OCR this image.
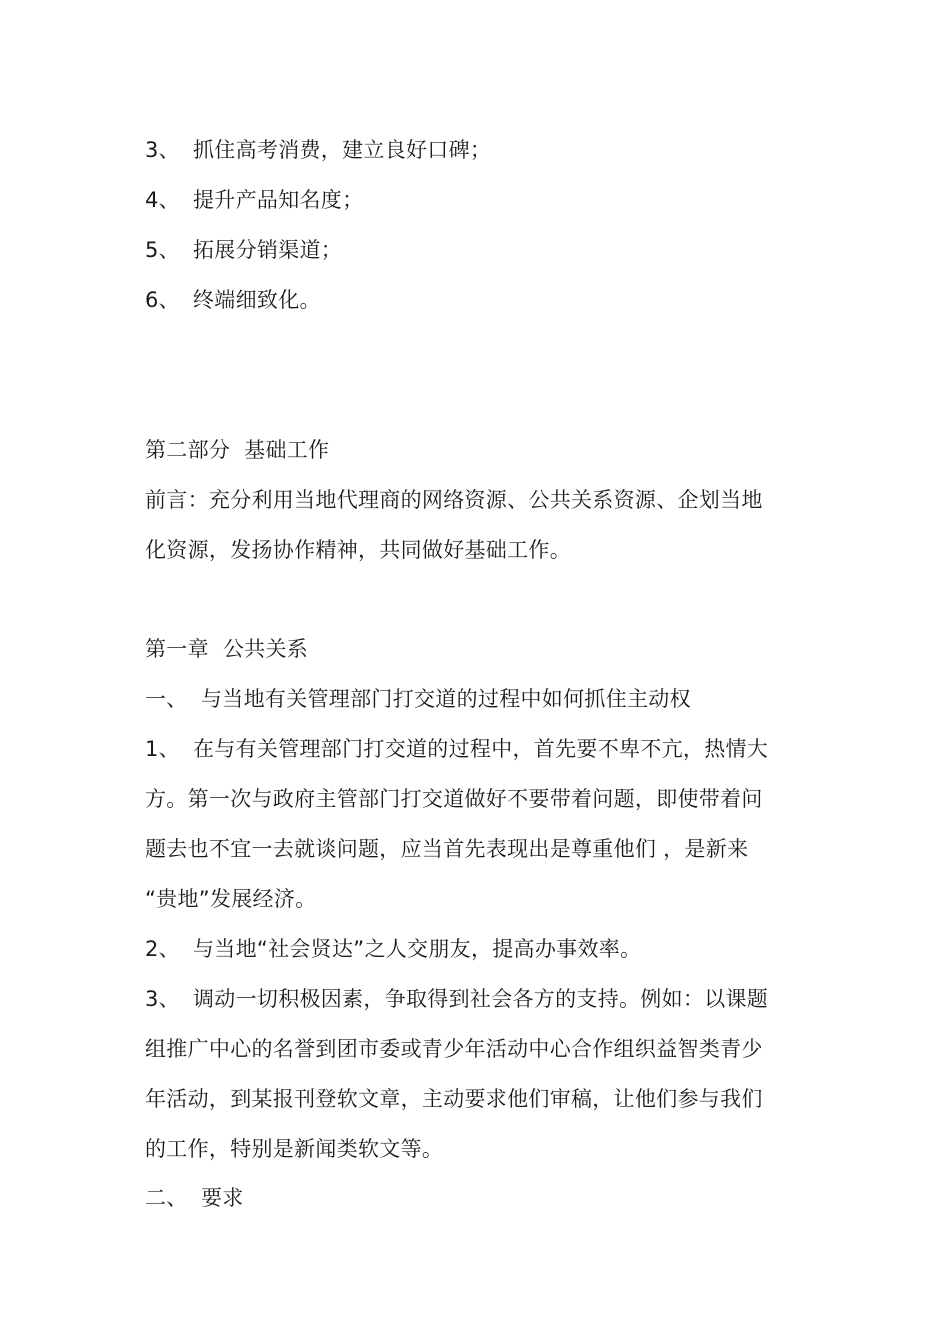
3、 抓住高考消费，建立良好口碑；
4、 提升产品知名度；
5、 拓展分销渠道；
6、 终端细致化。
第二部分  基础工作
前言：充分利用当地代理商的网络资源、公共关系资源、企划当地
化资源，发扬协作精神，共同做好基础工作。
第一章  公共关系
一、 与当地有关管理部门打交道的过程中如何抓住主动权
1、 在与有关管理部门打交道的过程中，首先要不卑不亢，热情大
方。第一次与政府主管部门打交道做好不要带着问题，即使带着问
题去也不宜一去就谈问题，应当首先表现出是尊重他们 ，是新来
“贵地”发展经济。
2、 与当地“社会贤达”之人交朋友，提高办事效率。
3、 调动一切积极因素，争取得到社会各方的支持。例如：以课题
组推广中心的名誉到团市委或青少年活动中心合作组织益智类青少
年活动，到某报刊登软文章，主动要求他们审稿，让他们参与我们
的工作，特别是新闻类软文等。
二、 要求
